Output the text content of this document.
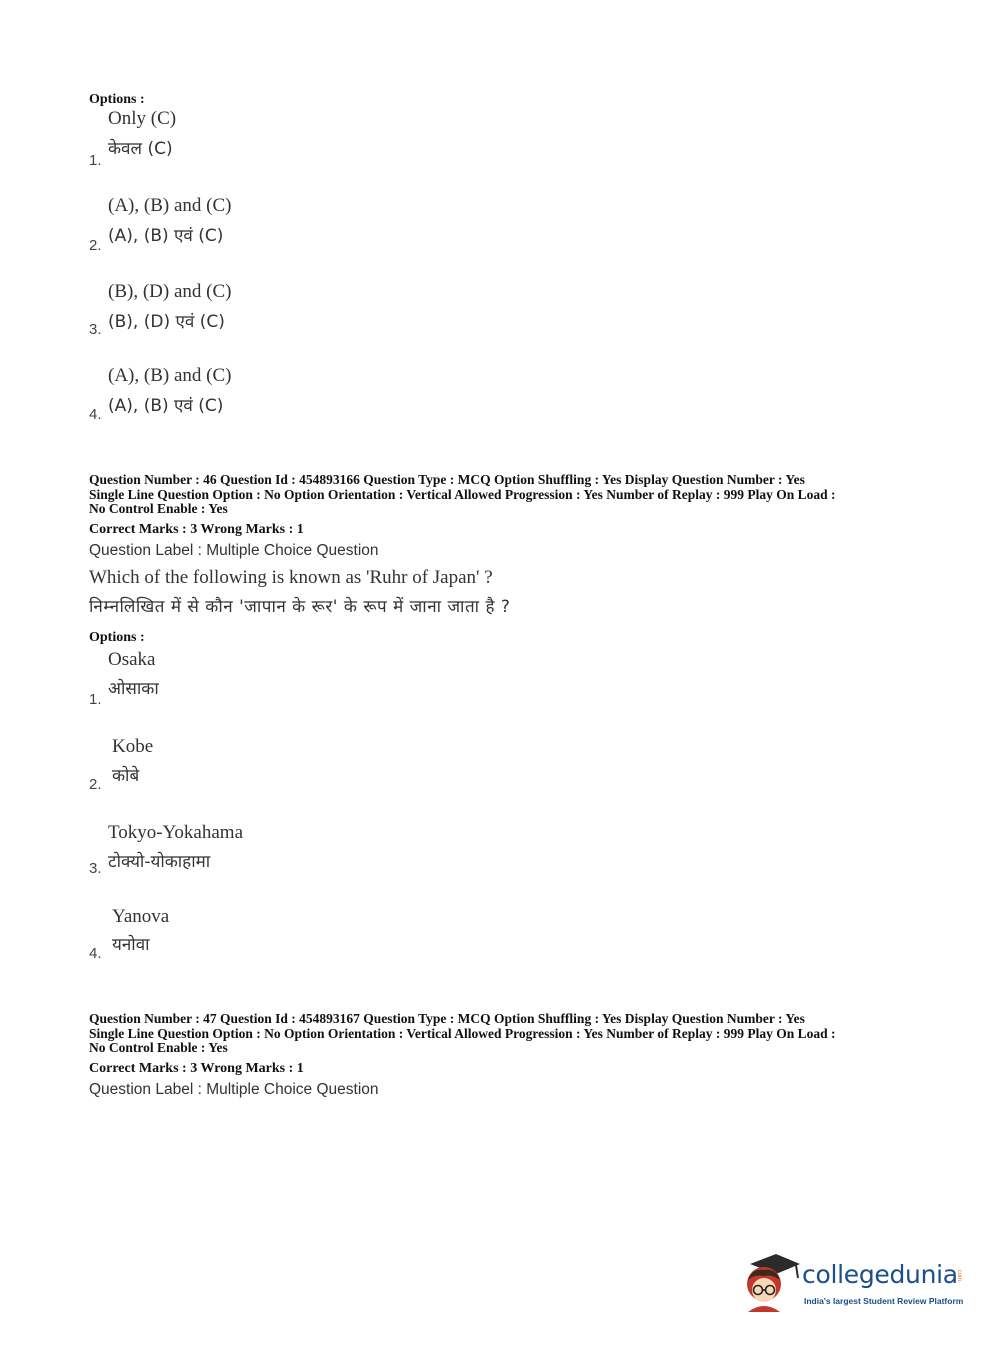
Options :
Only (C)
केवल (C)
1.
(A), (B) and (C)
(A), (B) एवं (C)
2.
(B), (D) and (C)
(B), (D) एवं (C)
3.
(A), (B) and (C)
(A), (B) एवं (C)
4.
Question Number : 46 Question Id : 454893166 Question Type : MCQ Option Shuffling : Yes Display Question Number : Yes
Single Line Question Option : No Option Orientation : Vertical Allowed Progression : Yes Number of Replay : 999 Play On Load :
No Control Enable : Yes
Correct Marks : 3 Wrong Marks : 1
Question Label : Multiple Choice Question
Which of the following is known as 'Ruhr of Japan' ?
निम्नलिखित में से कौन 'जापान के रूर' के रूप में जाना जाता है ?
Options :
Osaka
ओसाका
1.
Kobe
कोबे
2.
Tokyo-Yokahama
टोक्यो-योकाहामा
3.
Yanova
यनोवा
4.
Question Number : 47 Question Id : 454893167 Question Type : MCQ Option Shuffling : Yes Display Question Number : Yes
Single Line Question Option : No Option Orientation : Vertical Allowed Progression : Yes Number of Replay : 999 Play On Load :
No Control Enable : Yes
Correct Marks : 3 Wrong Marks : 1
Question Label : Multiple Choice Question
collegedunia
.com
India's largest Student Review Platform
